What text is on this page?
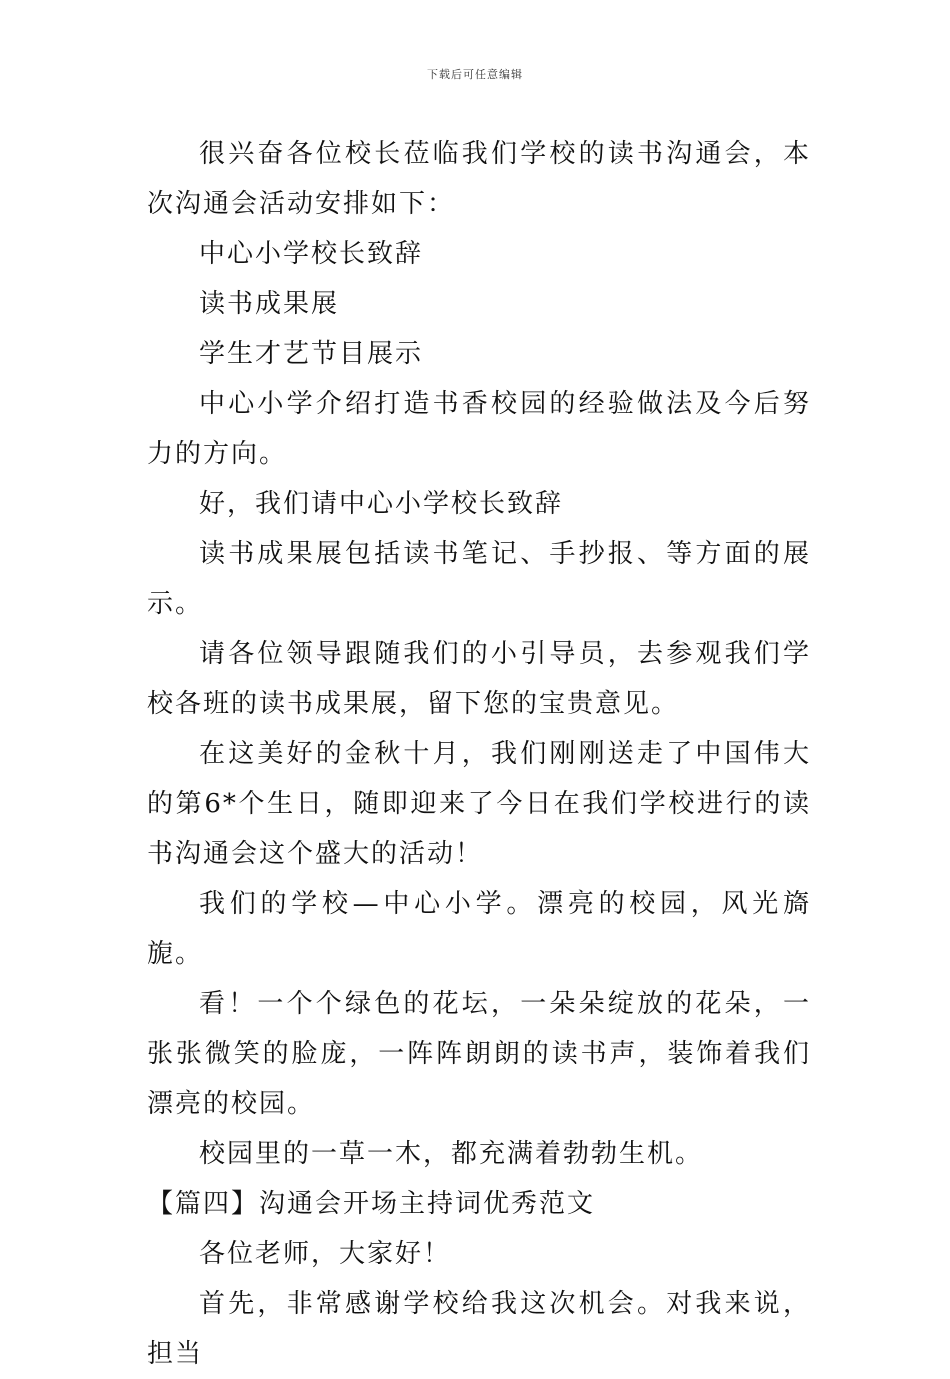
下载后可任意编辑

很兴奋各位校长莅临我们学校的读书沟通会，本次沟通会活动安排如下：

中心小学校长致辞

读书成果展

学生才艺节目展示

中心小学介绍打造书香校园的经验做法及今后努力的方向。

好，我们请中心小学校长致辞

读书成果展包括读书笔记、手抄报、等方面的展示。

请各位领导跟随我们的小引导员，去参观我们学校各班的读书成果展，留下您的宝贵意见。

在这美好的金秋十月，我们刚刚送走了中国伟大的第6*个生日，随即迎来了今日在我们学校进行的读书沟通会这个盛大的活动！

我们的学校—中心小学。漂亮的校园，风光旖旎。

看！一个个绿色的花坛，一朵朵绽放的花朵，一张张微笑的脸庞，一阵阵朗朗的读书声，装饰着我们漂亮的校园。

校园里的一草一木，都充满着勃勃生机。

【篇四】沟通会开场主持词优秀范文

各位老师，大家好！

首先，非常感谢学校给我这次机会。对我来说，担当
